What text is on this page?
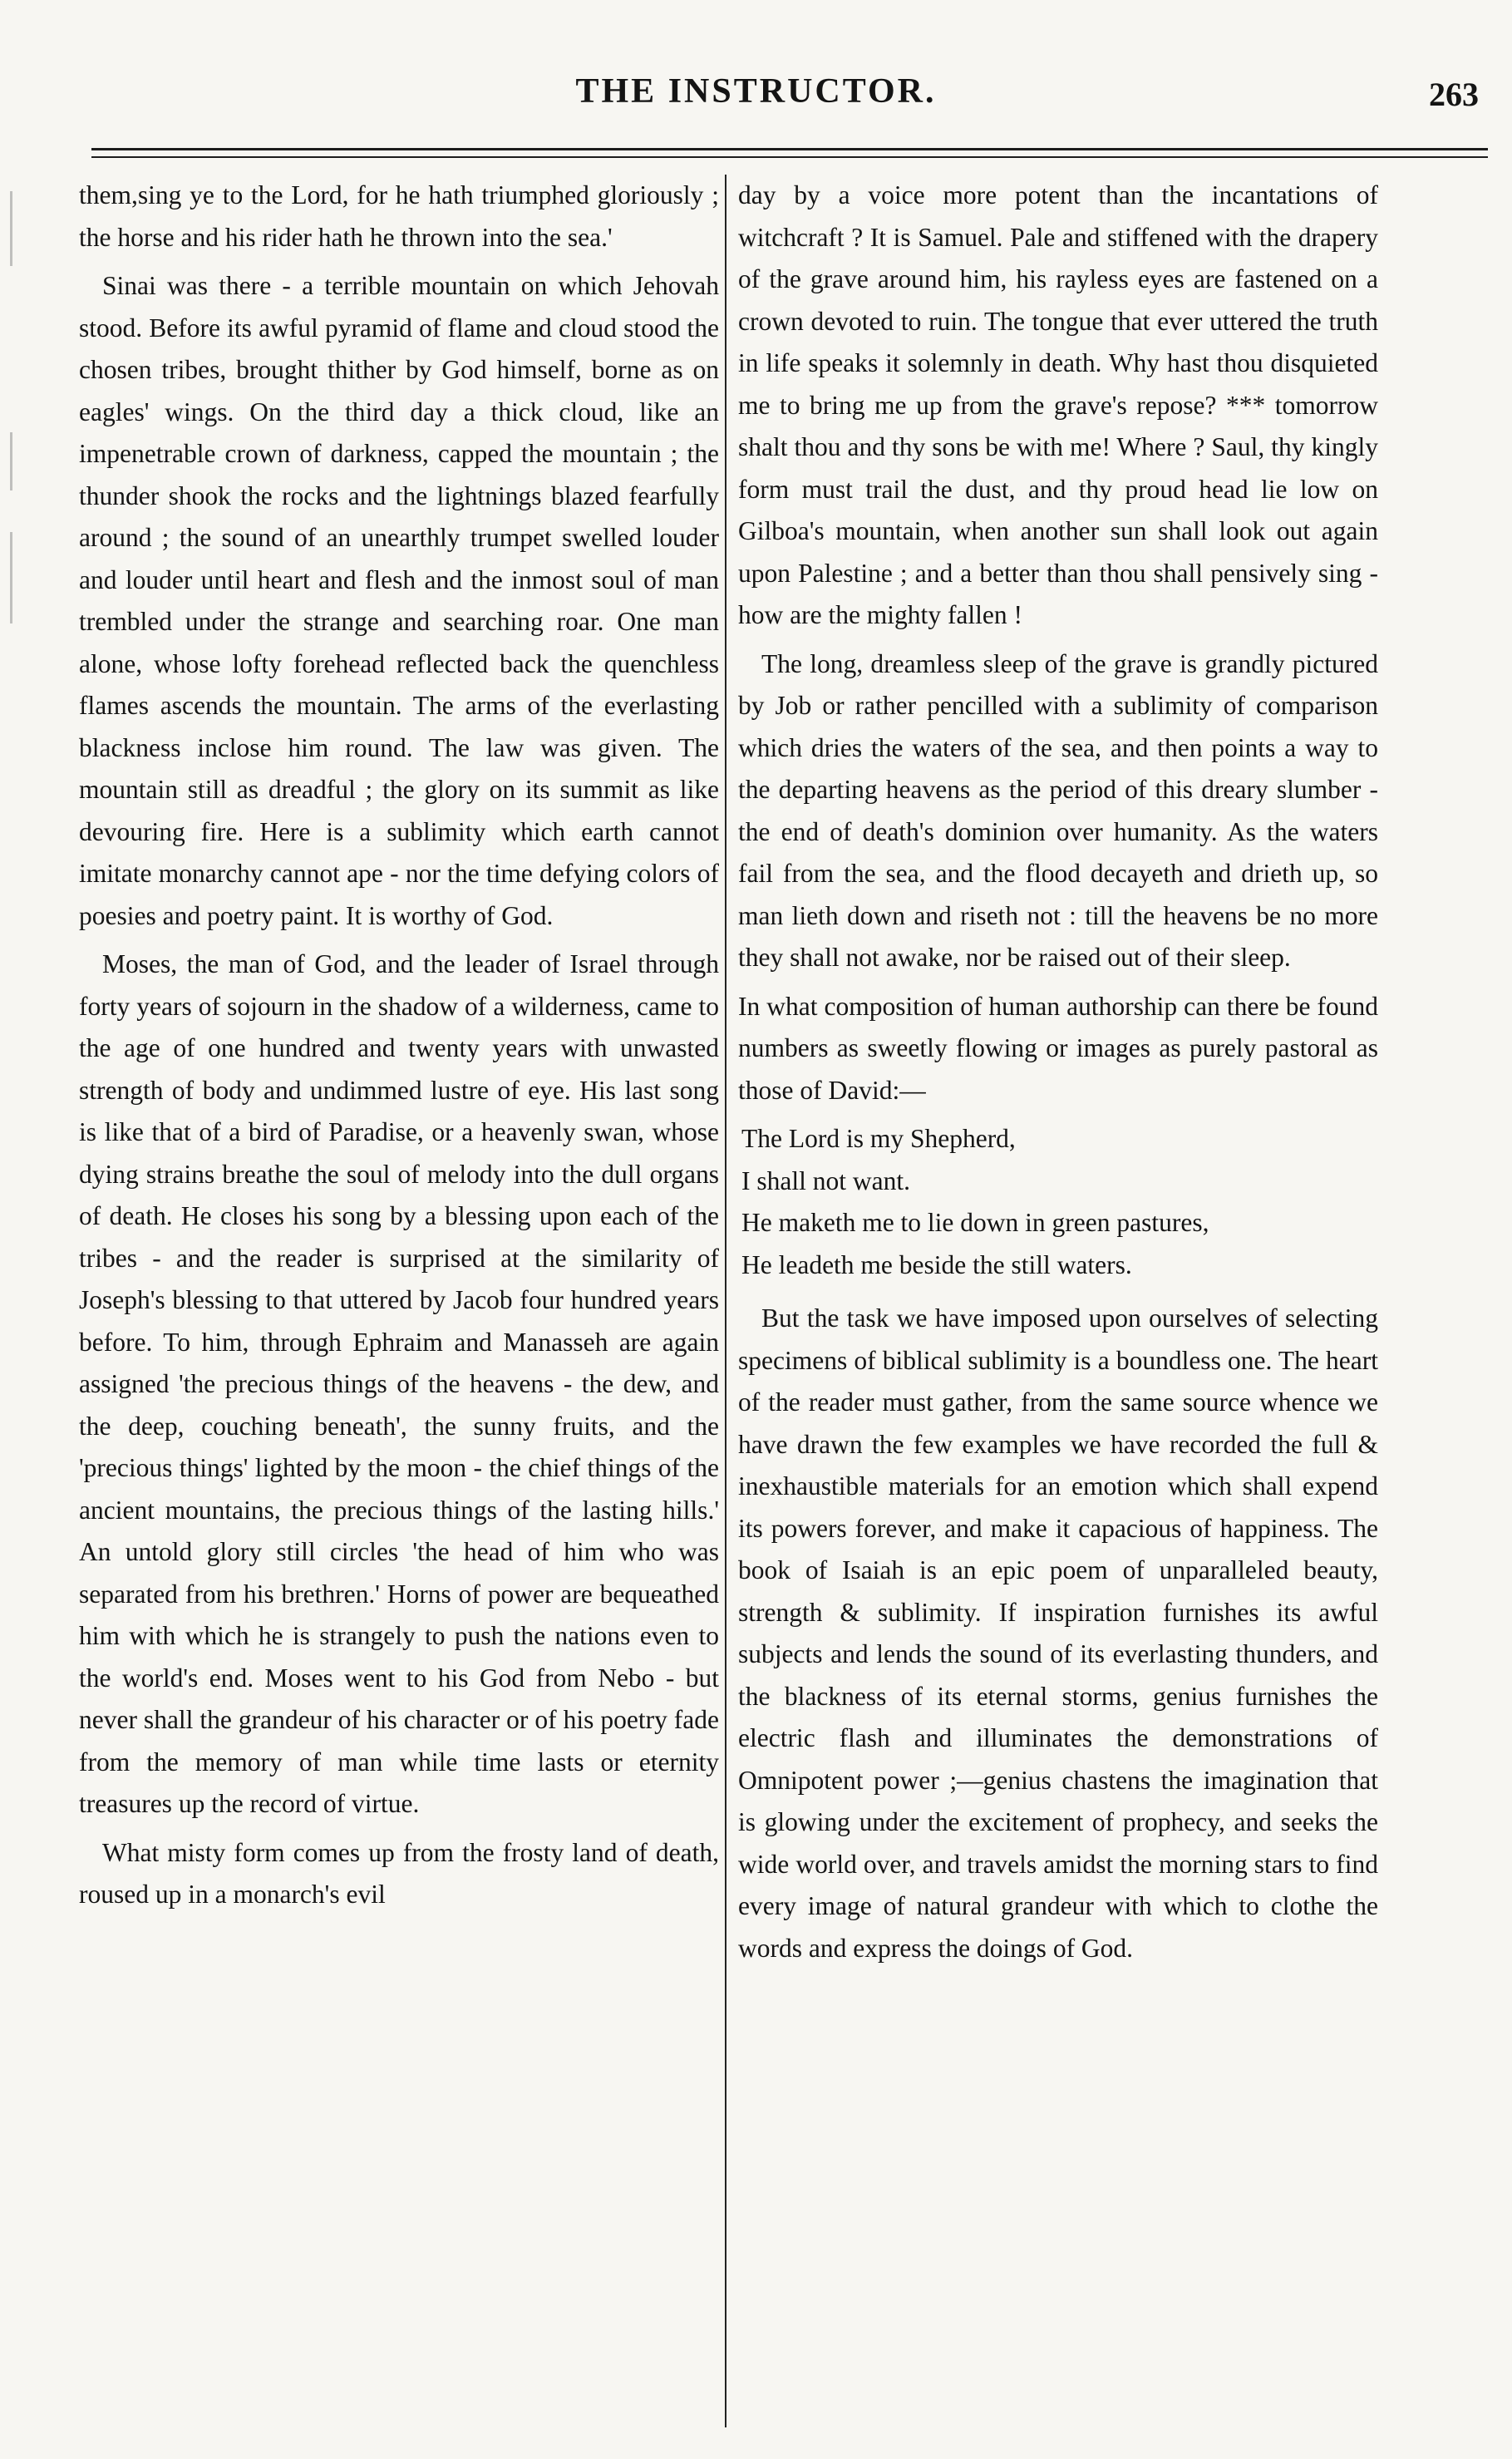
THE INSTRUCTOR.	263

them,sing ye to the Lord, for he hath triumphed gloriously ; the horse and his rider hath he thrown into the sea.'

Sinai was there - a terrible mountain on which Jehovah stood. Before its awful pyramid of flame and cloud stood the chosen tribes, brought thither by God himself, borne as on eagles' wings. On the third day a thick cloud, like an impenetrable crown of darkness, capped the mountain ; the thunder shook the rocks and the lightnings blazed fearfully around ; the sound of an unearthly trumpet swelled louder and louder until heart and flesh and the inmost soul of man trembled under the strange and searching roar. One man alone, whose lofty forehead reflected back the quenchless flames ascends the mountain. The arms of the everlasting blackness inclose him round. The law was given. The mountain still as dreadful ; the glory on its summit as like devouring fire. Here is a sublimity which earth cannot imitate monarchy cannot ape - nor the time defying colors of poesies and poetry paint. It is worthy of God.

Moses, the man of God, and the leader of Israel through forty years of sojourn in the shadow of a wilderness, came to the age of one hundred and twenty years with unwasted strength of body and undimmed lustre of eye. His last song is like that of a bird of Paradise, or a heavenly swan, whose dying strains breathe the soul of melody into the dull organs of death. He closes his song by a blessing upon each of the tribes - and the reader is surprised at the similarity of Joseph's blessing to that uttered by Jacob four hundred years before. To him, through Ephraim and Manasseh are again assigned 'the precious things of the heavens - the dew, and the deep, couching beneath', the sunny fruits, and the 'precious things' lighted by the moon - the chief things of the ancient mountains, the precious things of the lasting hills.' An untold glory still circles 'the head of him who was separated from his brethren.' Horns of power are bequeathed him with which he is strangely to push the nations even to the world's end. Moses went to his God from Nebo - but never shall the grandeur of his character or of his poetry fade from the memory of man while time lasts or eternity treasures up the record of virtue.

What misty form comes up from the frosty land of death, roused up in a monarch's evil

day by a voice more potent than the incantations of witchcraft ? It is Samuel. Pale and stiffened with the drapery of the grave around him, his rayless eyes are fastened on a crown devoted to ruin. The tongue that ever uttered the truth in life speaks it solemnly in death. Why hast thou disquieted me to bring me up from the grave's repose? *** tomorrow shalt thou and thy sons be with me! Where ? Saul, thy kingly form must trail the dust, and thy proud head lie low on Gilboa's mountain, when another sun shall look out again upon Palestine ; and a better than thou shall pensively sing - how are the mighty fallen !

The long, dreamless sleep of the grave is grandly pictured by Job or rather pencilled with a sublimity of comparison which dries the waters of the sea, and then points a way to the departing heavens as the period of this dreary slumber - the end of death's dominion over humanity. As the waters fail from the sea, and the flood decayeth and drieth up, so man lieth down and riseth not : till the heavens be no more they shall not awake, nor be raised out of their sleep.

In what composition of human authorship can there be found numbers as sweetly flowing or images as purely pastoral as those of David:—

The Lord is my Shepherd,

I shall not want.

He maketh me to lie down in green pastures,

He leadeth me beside the still waters.

But the task we have imposed upon ourselves of selecting specimens of biblical sublimity is a boundless one. The heart of the reader must gather, from the same source whence we have drawn the few examples we have recorded the full & inexhaustible materials for an emotion which shall expend its powers forever, and make it capacious of happiness. The book of Isaiah is an epic poem of unparalleled beauty, strength & sublimity. If inspiration furnishes its awful subjects and lends the sound of its everlasting thunders, and the blackness of its eternal storms, genius furnishes the electric flash and illuminates the demonstrations of Omnipotent power ;—genius chastens the imagination that is glowing under the excitement of prophecy, and seeks the wide world over, and travels amidst the morning stars to find every image of natural grandeur with which to clothe the words and express the doings of God.
